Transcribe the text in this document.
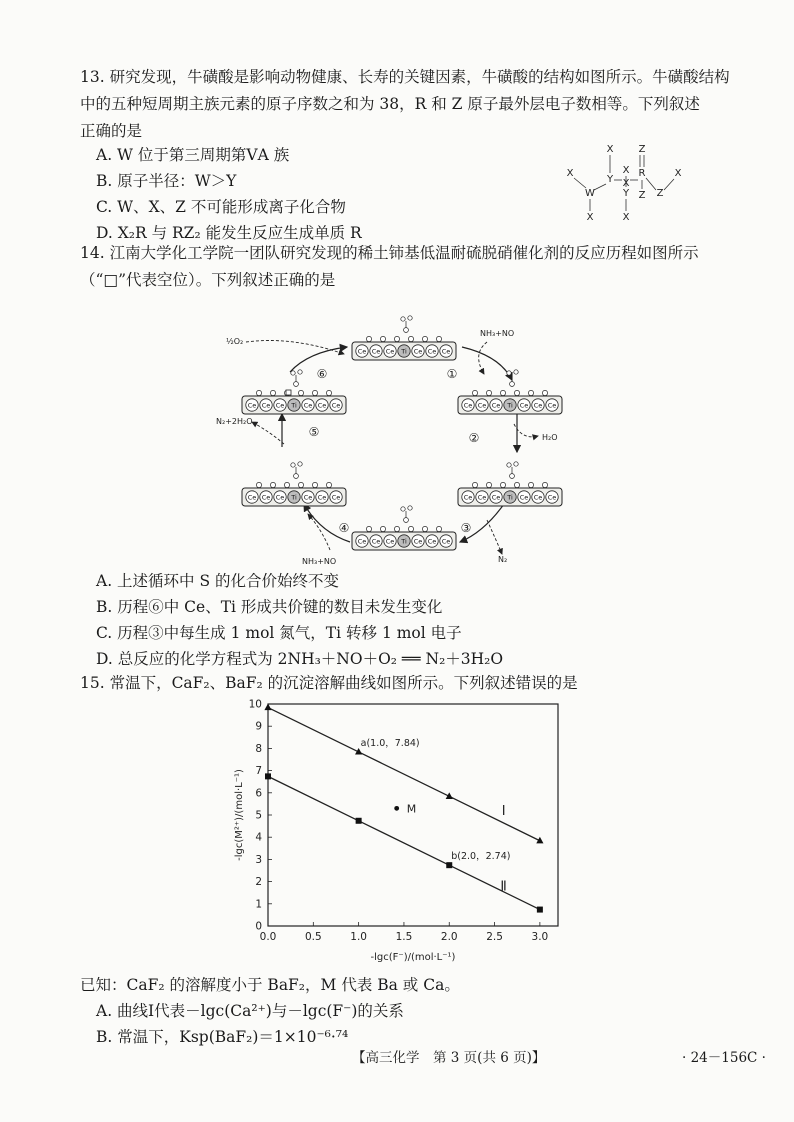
13. 研究发现，牛磺酸是影响动物健康、长寿的关键因素，牛磺酸的结构如图所示。牛磺酸结构
中的五种短周期主族元素的原子序数之和为 38，R 和 Z 原子最外层电子数相等。下列叙述
正确的是
A. W 位于第三周期第ⅤA 族
B. 原子半径：W＞Y
C. W、X、Z 不可能形成离子化合物
D. X₂R 与 RZ₂ 能发生反应生成单质 R
X
X
Z
X
Y X
R	X
W	Y Z Z
X	X
14. 江南大学化工学院一团队研究发现的稀土铈基低温耐硫脱硝催化剂的反应历程如图所示
（“□”代表空位）。下列叙述正确的是
Ce Ce Ce Ti Ce Ce Ce
Ce Ce Ce Ti Ce Ce Ce
Ce Ce Ce Ti Ce Ce Ce
Ce Ce Ce Ti Ce Ce Ce
Ce Ce Ce Ti Ce Ce Ce
Ce Ce Ce Ti Ce Ce Ce
⑥	①
②
③
④
⑤
½O₂
NH₃+NO
H₂O
N₂
NH₃+NO
N₂+2H₂O
A. 上述循环中 S 的化合价始终不变
B. 历程⑥中 Ce、Ti 形成共价键的数目未发生变化
C. 历程③中每生成 1 mol 氮气，Ti 转移 1 mol 电子
D. 总反应的化学方程式为 2NH₃＋NO＋O₂ ══ N₂＋3H₂O
15. 常温下，CaF₂、BaF₂ 的沉淀溶解曲线如图所示。下列叙述错误的是
0.0	0.5	1.0	1.5	2.0	2.5	3.0
0
1
2
3
4
5
6
7
8
9
10
-lgc(F⁻)/(mol·L⁻¹)
-lgc(M²⁺)/(mol·L⁻¹)	Ⅰ
Ⅱ
a(1.0，7.84)
b(2.0，2.74)
M
已知：CaF₂ 的溶解度小于 BaF₂，M 代表 Ba 或 Ca。
A. 曲线Ⅰ代表－lgc(Ca²⁺)与－lgc(F⁻)的关系
B. 常温下，Ksp(BaF₂)＝1×10⁻⁶·⁷⁴
【高三化学　第 3 页(共 6 页)】	· 24－156C ·
